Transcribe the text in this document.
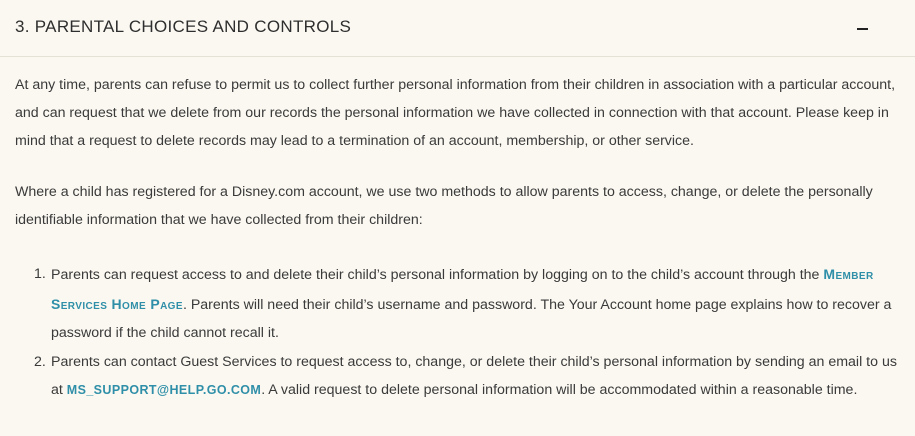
3. PARENTAL CHOICES AND CONTROLS

At any time, parents can refuse to permit us to collect further personal information from their children in association with a particular account, and can request that we delete from our records the personal information we have collected in connection with that account. Please keep in mind that a request to delete records may lead to a termination of an account, membership, or other service.

Where a child has registered for a Disney.com account, we use two methods to allow parents to access, change, or delete the personally identifiable information that we have collected from their children:

1. Parents can request access to and delete their child’s personal information by logging on to the child’s account through the Member Services Home Page. Parents will need their child’s username and password. The Your Account home page explains how to recover a password if the child cannot recall it.
2. Parents can contact Guest Services to request access to, change, or delete their child’s personal information by sending an email to us at MS_SUPPORT@HELP.GO.COM. A valid request to delete personal information will be accommodated within a reasonable time.
